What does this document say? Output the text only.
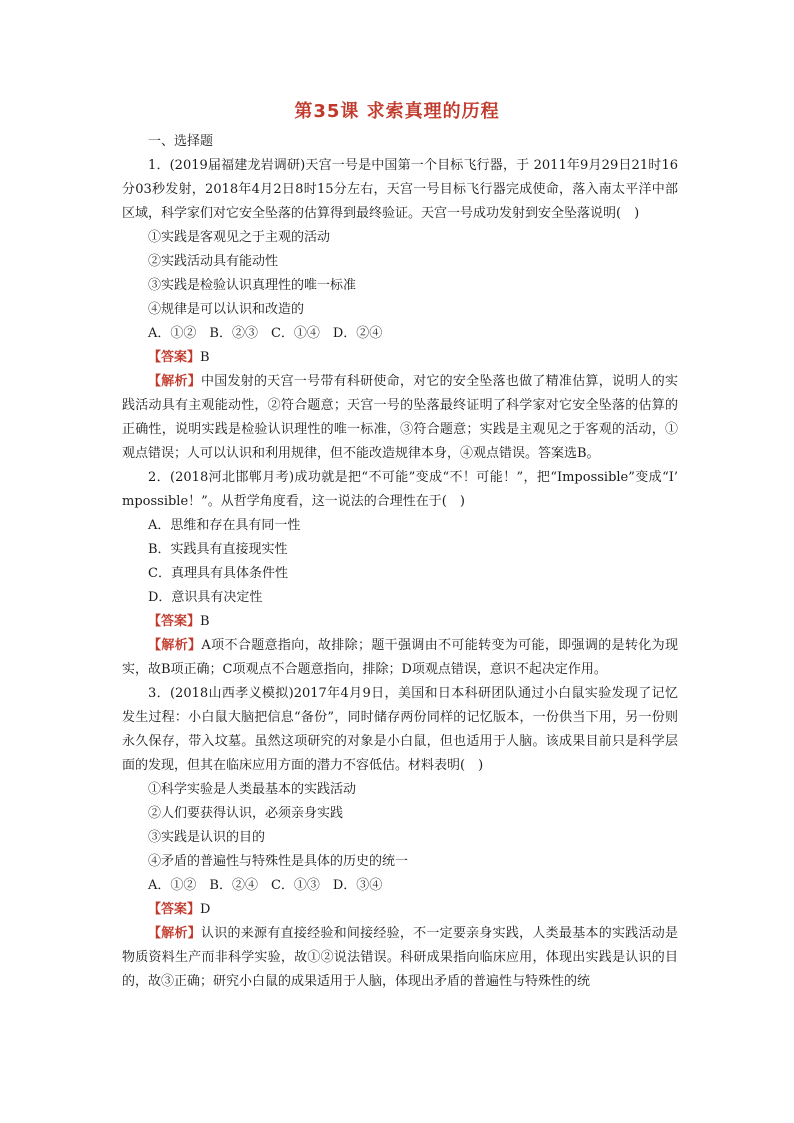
第35课 求索真理的历程

一、选择题

1．(2019届福建龙岩调研)天宫一号是中国第一个目标飞行器，于 2011年9月29日21时16分03秒发射，2018年4月2日8时15分左右，天宫一号目标飞行器完成使命，落入南太平洋中部区域，科学家们对它安全坠落的估算得到最终验证。天宫一号成功发射到安全坠落说明(　)

①实践是客观见之于主观的活动

②实践活动具有能动性

③实践是检验认识真理性的唯一标准

④规律是可以认识和改造的

A．①②　B．②③　C．①④　D．②④

【答案】B

【解析】中国发射的天宫一号带有科研使命，对它的安全坠落也做了精准估算，说明人的实践活动具有主观能动性，②符合题意；天宫一号的坠落最终证明了科学家对它安全坠落的估算的正确性，说明实践是检验认识理性的唯一标准，③符合题意；实践是主观见之于客观的活动，①观点错误；人可以认识和利用规律，但不能改造规律本身，④观点错误。答案选B。

2．(2018河北邯郸月考)成功就是把“不可能”变成“不！可能！”，把“Impossible”变成“I’ mpossible！”。从哲学角度看，这一说法的合理性在于(　)

A．思维和存在具有同一性

B．实践具有直接现实性

C．真理具有具体条件性

D．意识具有决定性

【答案】B

【解析】A项不合题意指向，故排除；题干强调由不可能转变为可能，即强调的是转化为现实，故B项正确；C项观点不合题意指向，排除；D项观点错误，意识不起决定作用。

3．(2018山西孝义模拟)2017年4月9日，美国和日本科研团队通过小白鼠实验发现了记忆发生过程：小白鼠大脑把信息“备份”，同时储存两份同样的记忆版本，一份供当下用，另一份则永久保存，带入坟墓。虽然这项研究的对象是小白鼠，但也适用于人脑。该成果目前只是科学层面的发现，但其在临床应用方面的潜力不容低估。材料表明(　)

①科学实验是人类最基本的实践活动

②人们要获得认识，必须亲身实践

③实践是认识的目的

④矛盾的普遍性与特殊性是具体的历史的统一

A．①②　B．②④　C．①③　D．③④

【答案】D

【解析】认识的来源有直接经验和间接经验，不一定要亲身实践，人类最基本的实践活动是物质资料生产而非科学实验，故①②说法错误。科研成果指向临床应用，体现出实践是认识的目的，故③正确；研究小白鼠的成果适用于人脑，体现出矛盾的普遍性与特殊性的统
